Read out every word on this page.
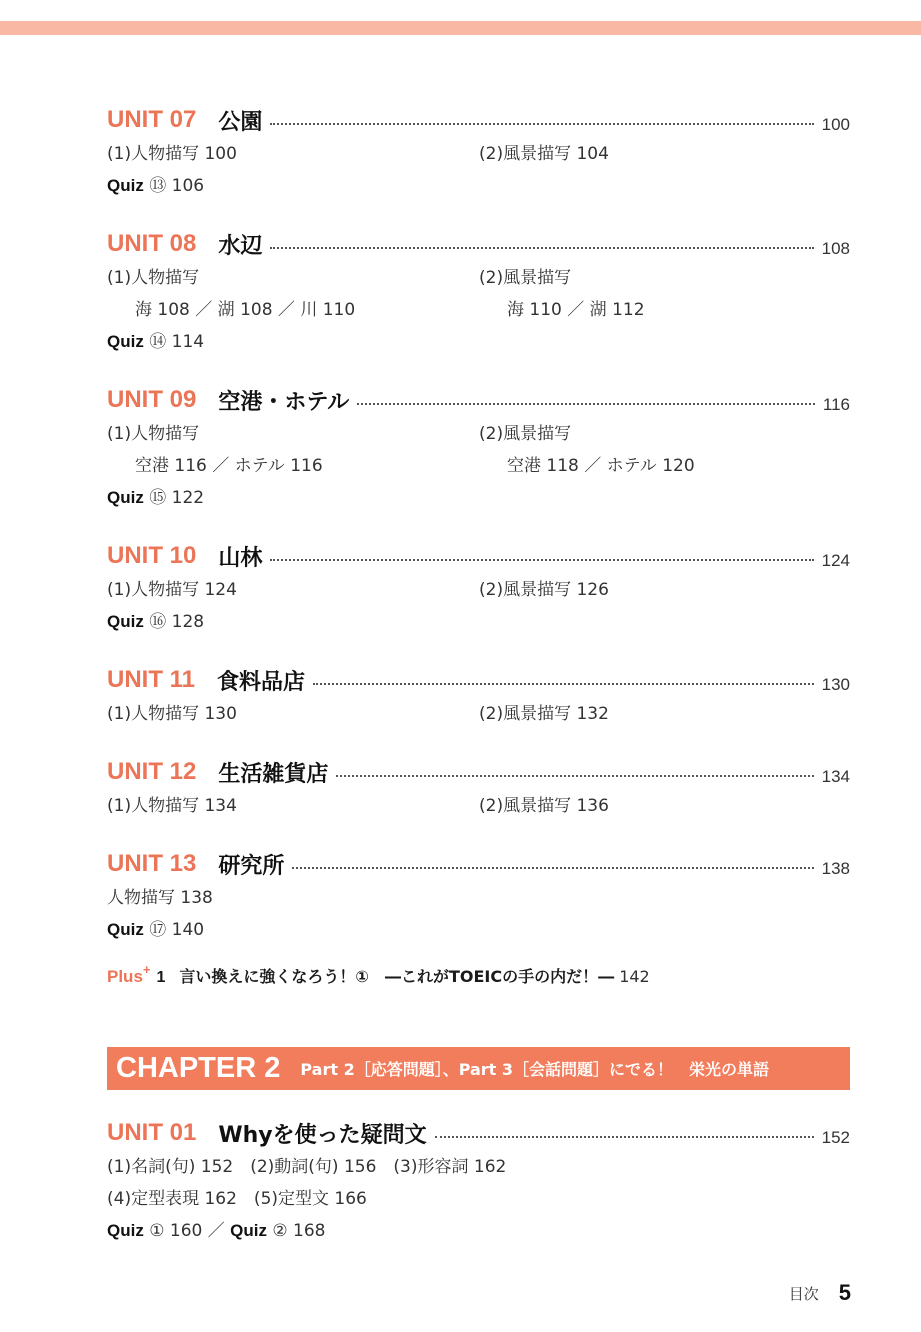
UNIT 07 公園	100
(1)人物描写 100	(2)風景描写 104
Quiz ⑬ 106
UNIT 08 水辺	108
(1)人物描写	(2)風景描写
海 108 ／ 湖 108 ／ 川 110	海 110 ／ 湖 112
Quiz ⑭ 114
UNIT 09 空港・ホテル	116
(1)人物描写	(2)風景描写
空港 116 ／ ホテル 116	空港 118 ／ ホテル 120
Quiz ⑮ 122
UNIT 10 山林	124
(1)人物描写 124	(2)風景描写 126
Quiz ⑯ 128
UNIT 11 食料品店	130
(1)人物描写 130	(2)風景描写 132
UNIT 12 生活雑貨店	134
(1)人物描写 134	(2)風景描写 136
UNIT 13 研究所	138
人物描写 138
Quiz ⑰ 140
Plus+ 1 言い換えに強くなろう！①　―これがTOEICの手の内だ！― 142
CHAPTER 2 Part 2［応答問題］、Part 3［会話問題］にでる！　栄光の単語
UNIT 01 Whyを使った疑問文	152
(1)名詞(句) 152　(2)動詞(句) 156　(3)形容詞 162
(4)定型表現 162　(5)定型文 166
Quiz ① 160 ／ Quiz ② 168
目次 5
